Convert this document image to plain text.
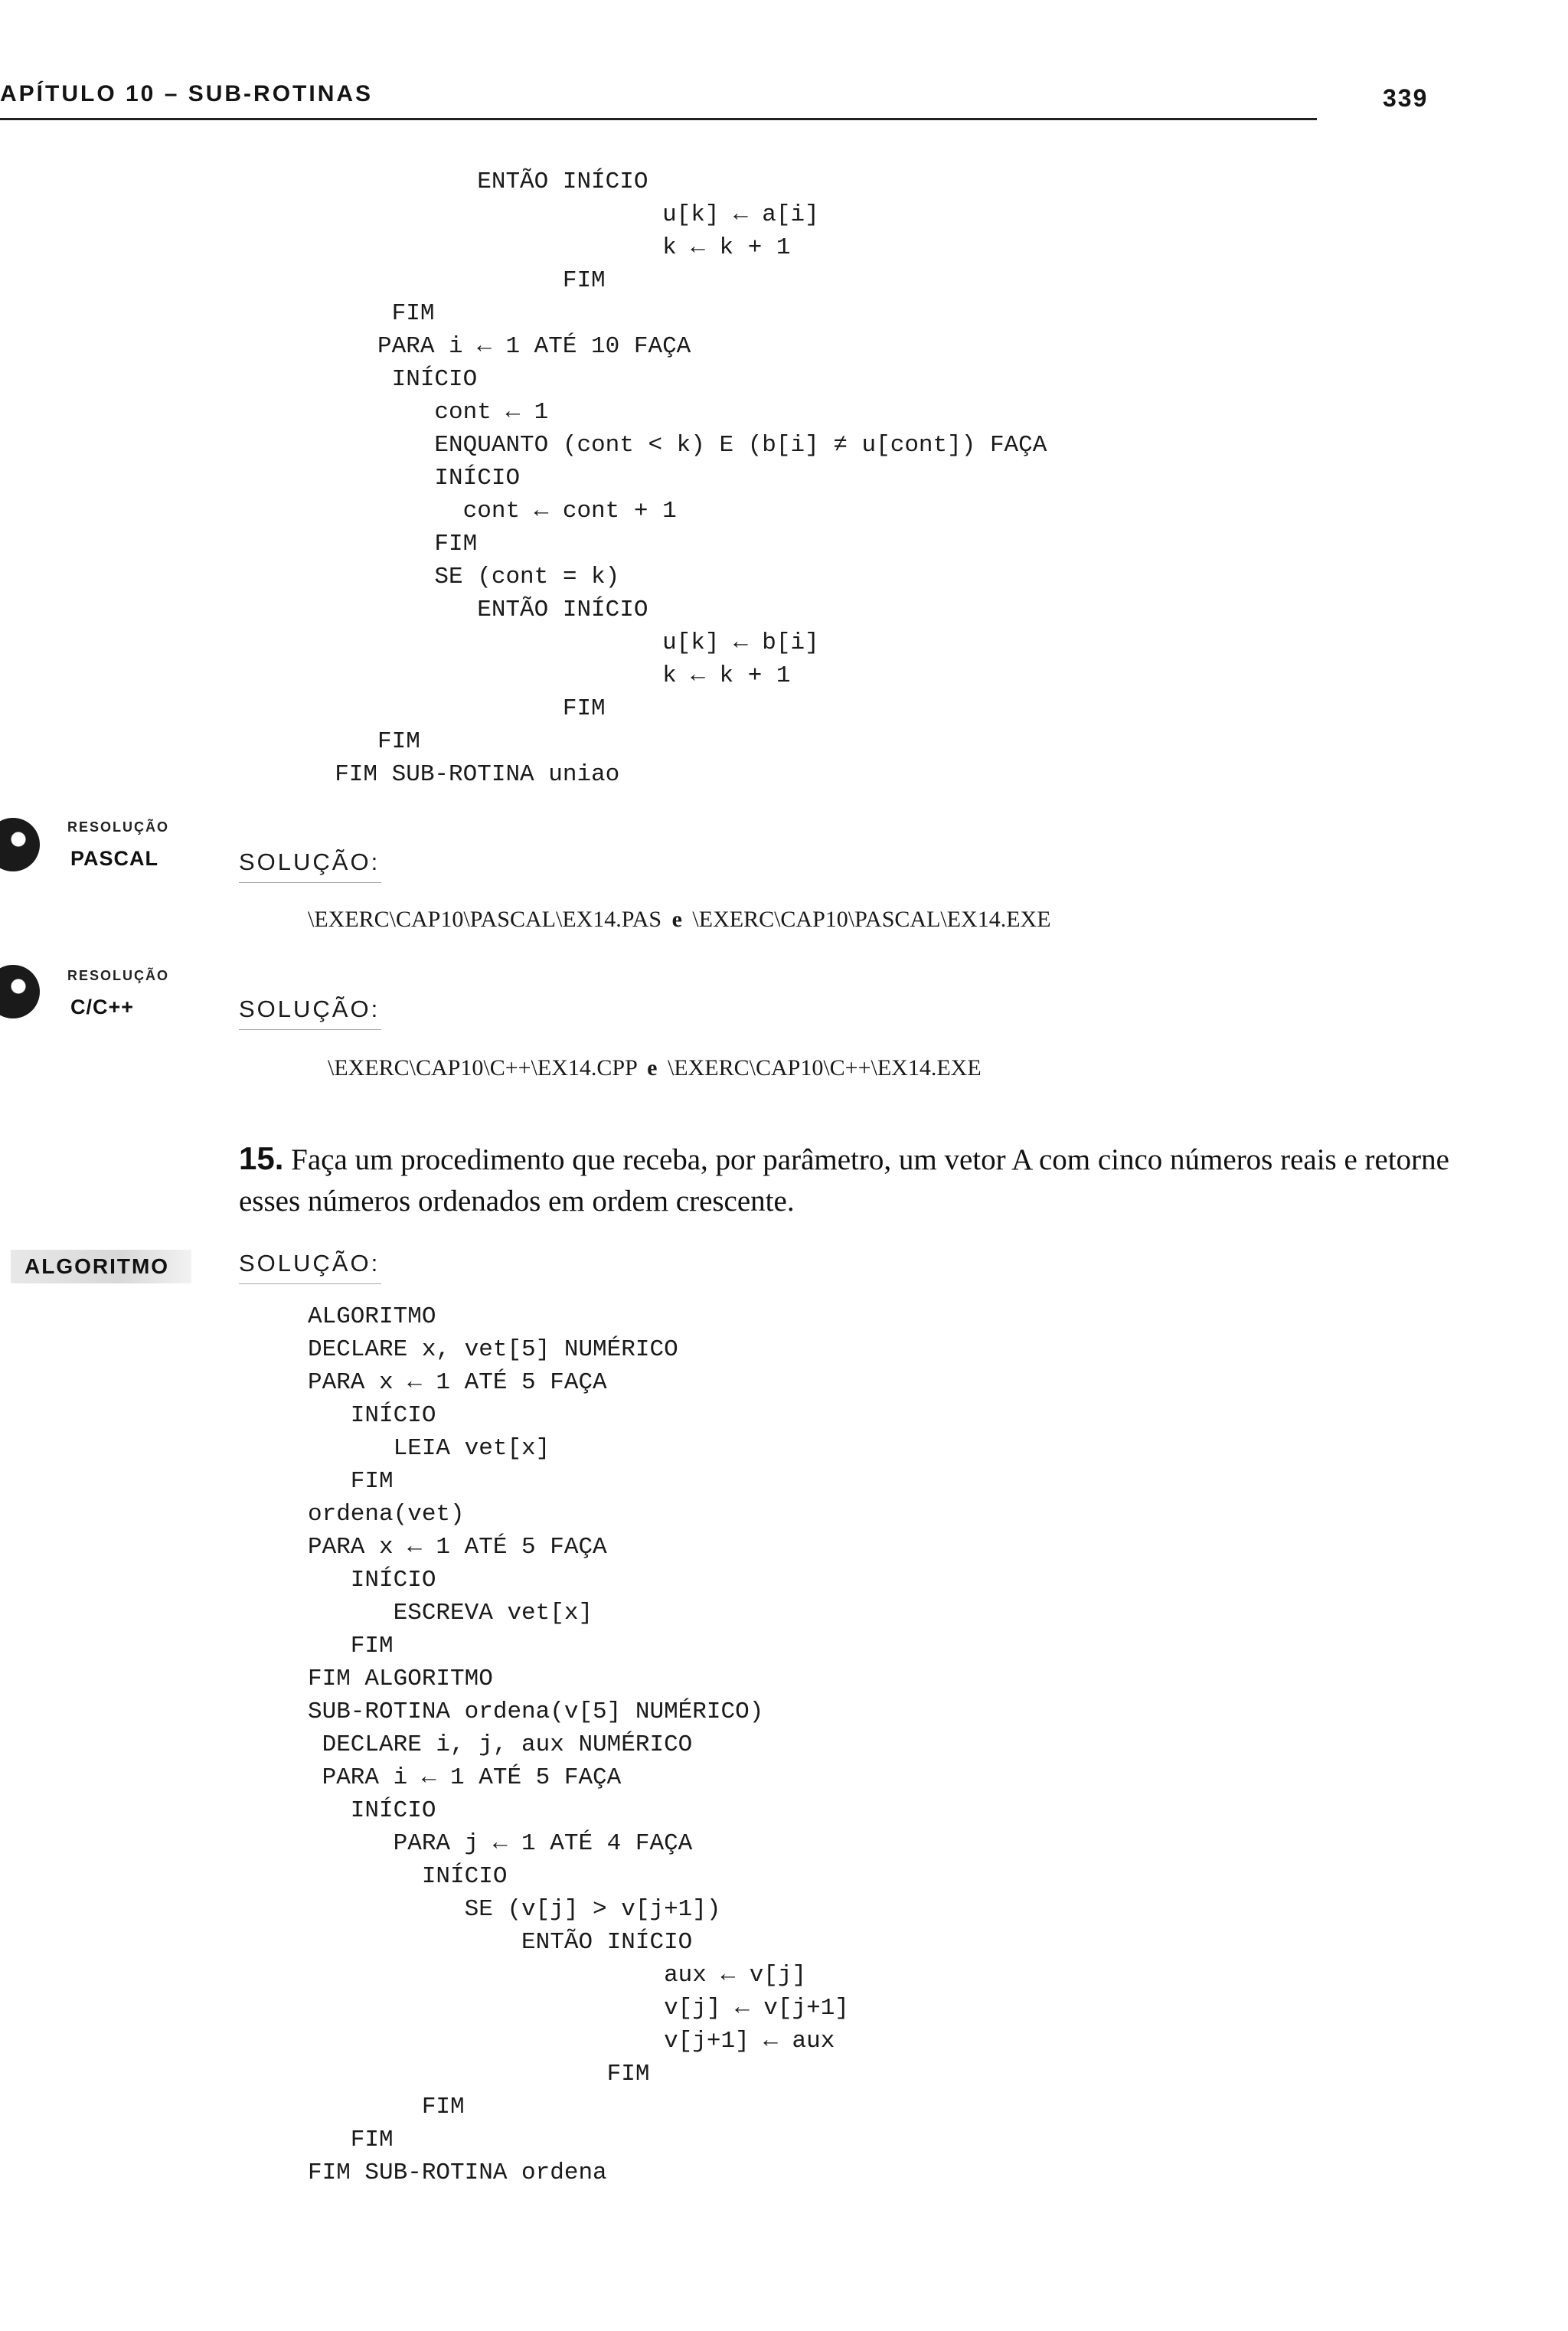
APÍTULO 10 – SUB-ROTINAS	339
ENTÃO INÍCIO
u[k] ← a[i]
k ← k + 1
FIM
FIM
PARA i ← 1 ATÉ 10 FAÇA
INÍCIO
cont ← 1
ENQUANTO (cont < k) E (b[i] ≠ u[cont]) FAÇA
INÍCIO
cont ← cont + 1
FIM
SE (cont = k)
ENTÃO INÍCIO
u[k] ← b[i]
k ← k + 1
FIM
FIM
FIM SUB-ROTINA uniao
RESOLUÇÃO
PASCAL	SOLUÇÃO:
\EXERC\CAP10\PASCAL\EX14.PAS e \EXERC\CAP10\PASCAL\EX14.EXE
RESOLUÇÃO
C/C++	SOLUÇÃO:
\EXERC\CAP10\C++\EX14.CPP e \EXERC\CAP10\C++\EX14.EXE
15. Faça um procedimento que receba, por parâmetro, um vetor A com cinco números reais e retorne esses números ordenados em ordem crescente.
ALGORITMO	SOLUÇÃO:
ALGORITMO
DECLARE x, vet[5] NUMÉRICO
PARA x ← 1 ATÉ 5 FAÇA
INÍCIO
LEIA vet[x]
FIM
ordena(vet)
PARA x ← 1 ATÉ 5 FAÇA
INÍCIO
ESCREVA vet[x]
FIM
FIM ALGORITMO
SUB-ROTINA ordena(v[5] NUMÉRICO)
DECLARE i, j, aux NUMÉRICO
PARA i ← 1 ATÉ 5 FAÇA
INÍCIO
PARA j ← 1 ATÉ 4 FAÇA
INÍCIO
SE (v[j] > v[j+1])
ENTÃO INÍCIO
aux ← v[j]
v[j] ← v[j+1]
v[j+1] ← aux
FIM
FIM
FIM
FIM SUB-ROTINA ordena
